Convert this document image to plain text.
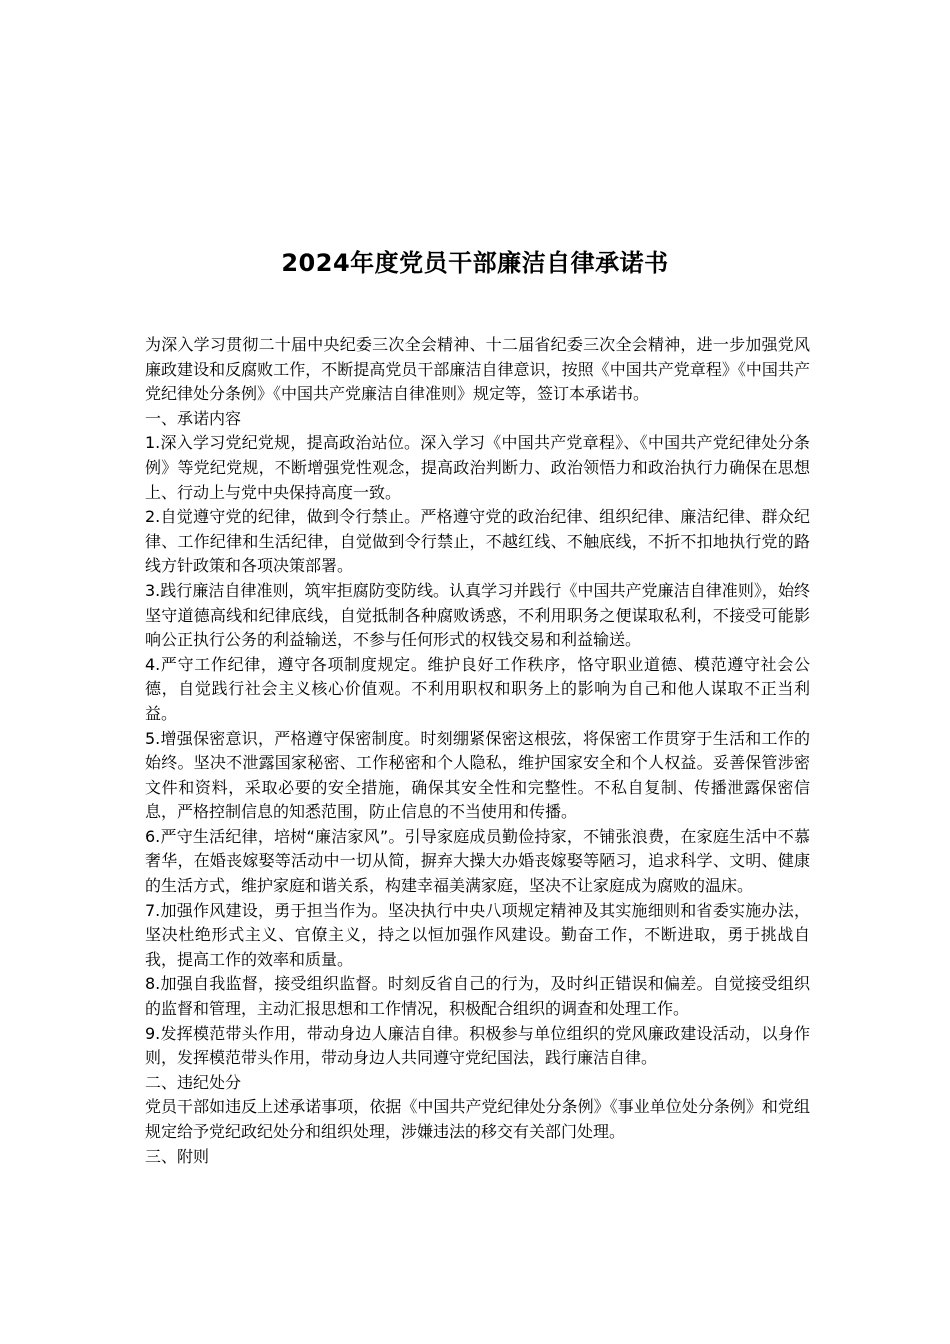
2024年度党员干部廉洁自律承诺书

为深入学习贯彻二十届中央纪委三次全会精神、十二届省纪委三次全会精神，进一步加强党风廉政建设和反腐败工作，不断提高党员干部廉洁自律意识，按照《中国共产党章程》《中国共产党纪律处分条例》《中国共产党廉洁自律准则》规定等，签订本承诺书。

一、承诺内容

1.深入学习党纪党规，提高政治站位。深入学习《中国共产党章程》、《中国共产党纪律处分条例》等党纪党规，不断增强党性观念，提高政治判断力、政治领悟力和政治执行力确保在思想上、行动上与党中央保持高度一致。

2.自觉遵守党的纪律，做到令行禁止。严格遵守党的政治纪律、组织纪律、廉洁纪律、群众纪律、工作纪律和生活纪律，自觉做到令行禁止，不越红线、不触底线，不折不扣地执行党的路线方针政策和各项决策部署。

3.践行廉洁自律准则，筑牢拒腐防变防线。认真学习并践行《中国共产党廉洁自律准则》，始终坚守道德高线和纪律底线，自觉抵制各种腐败诱惑，不利用职务之便谋取私利，不接受可能影响公正执行公务的利益输送，不参与任何形式的权钱交易和利益输送。

4.严守工作纪律，遵守各项制度规定。维护良好工作秩序，恪守职业道德、模范遵守社会公德，自觉践行社会主义核心价值观。不利用职权和职务上的影响为自己和他人谋取不正当利益。

5.增强保密意识，严格遵守保密制度。时刻绷紧保密这根弦，将保密工作贯穿于生活和工作的始终。坚决不泄露国家秘密、工作秘密和个人隐私，维护国家安全和个人权益。妥善保管涉密文件和资料，采取必要的安全措施，确保其安全性和完整性。不私自复制、传播泄露保密信息，严格控制信息的知悉范围，防止信息的不当使用和传播。

6.严守生活纪律，培树“廉洁家风”。引导家庭成员勤俭持家，不铺张浪费，在家庭生活中不慕奢华，在婚丧嫁娶等活动中一切从简，摒弃大操大办婚丧嫁娶等陋习，追求科学、文明、健康的生活方式，维护家庭和谐关系，构建幸福美满家庭，坚决不让家庭成为腐败的温床。

7.加强作风建设，勇于担当作为。坚决执行中央八项规定精神及其实施细则和省委实施办法，坚决杜绝形式主义、官僚主义，持之以恒加强作风建设。勤奋工作，不断进取，勇于挑战自我，提高工作的效率和质量。

8.加强自我监督，接受组织监督。时刻反省自己的行为，及时纠正错误和偏差。自觉接受组织的监督和管理，主动汇报思想和工作情况，积极配合组织的调查和处理工作。

9.发挥模范带头作用，带动身边人廉洁自律。积极参与单位组织的党风廉政建设活动，以身作则，发挥模范带头作用，带动身边人共同遵守党纪国法，践行廉洁自律。

二、违纪处分

党员干部如违反上述承诺事项，依据《中国共产党纪律处分条例》《事业单位处分条例》和党组规定给予党纪政纪处分和组织处理，涉嫌违法的移交有关部门处理。

三、附则
